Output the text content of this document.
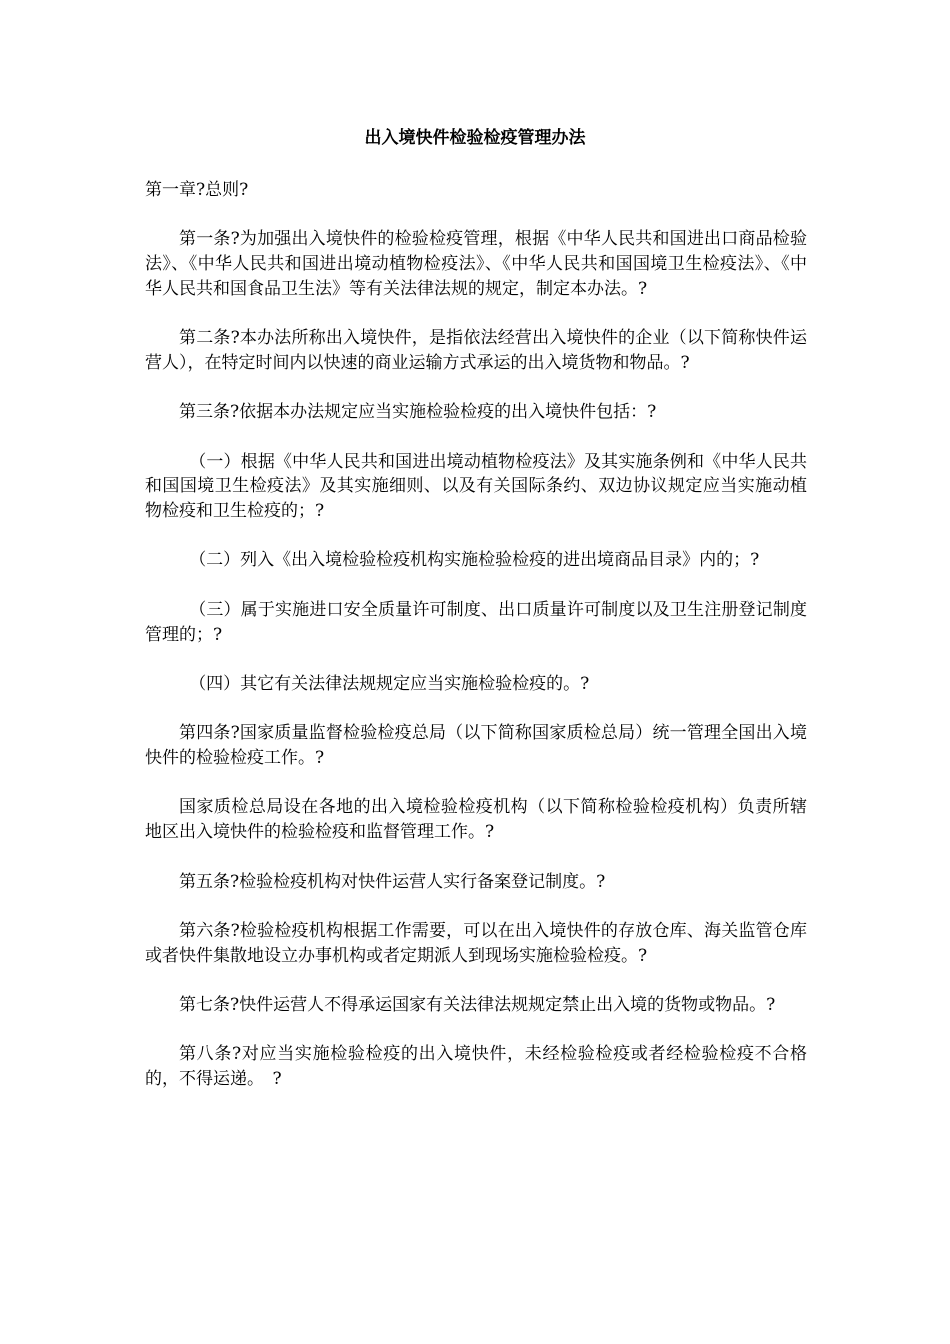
出入境快件检验检疫管理办法

第一章?总则?

第一条?为加强出入境快件的检验检疫管理，根据《中华人民共和国进出口商品检验法》、《中华人民共和国进出境动植物检疫法》、《中华人民共和国国境卫生检疫法》、《中华人民共和国食品卫生法》等有关法律法规的规定，制定本办法。?

第二条?本办法所称出入境快件，是指依法经营出入境快件的企业（以下简称快件运营人），在特定时间内以快速的商业运输方式承运的出入境货物和物品。?

第三条?依据本办法规定应当实施检验检疫的出入境快件包括：?

（一）根据《中华人民共和国进出境动植物检疫法》及其实施条例和《中华人民共和国国境卫生检疫法》及其实施细则、以及有关国际条约、双边协议规定应当实施动植物检疫和卫生检疫的；?

（二）列入《出入境检验检疫机构实施检验检疫的进出境商品目录》内的；?

（三）属于实施进口安全质量许可制度、出口质量许可制度以及卫生注册登记制度管理的；?

（四）其它有关法律法规规定应当实施检验检疫的。?

第四条?国家质量监督检验检疫总局（以下简称国家质检总局）统一管理全国出入境快件的检验检疫工作。?

国家质检总局设在各地的出入境检验检疫机构（以下简称检验检疫机构）负责所辖地区出入境快件的检验检疫和监督管理工作。?

第五条?检验检疫机构对快件运营人实行备案登记制度。?

第六条?检验检疫机构根据工作需要，可以在出入境快件的存放仓库、海关监管仓库或者快件集散地设立办事机构或者定期派人到现场实施检验检疫。?

第七条?快件运营人不得承运国家有关法律法规规定禁止出入境的货物或物品。?

第八条?对应当实施检验检疫的出入境快件，未经检验检疫或者经检验检疫不合格的，不得运递。　?
